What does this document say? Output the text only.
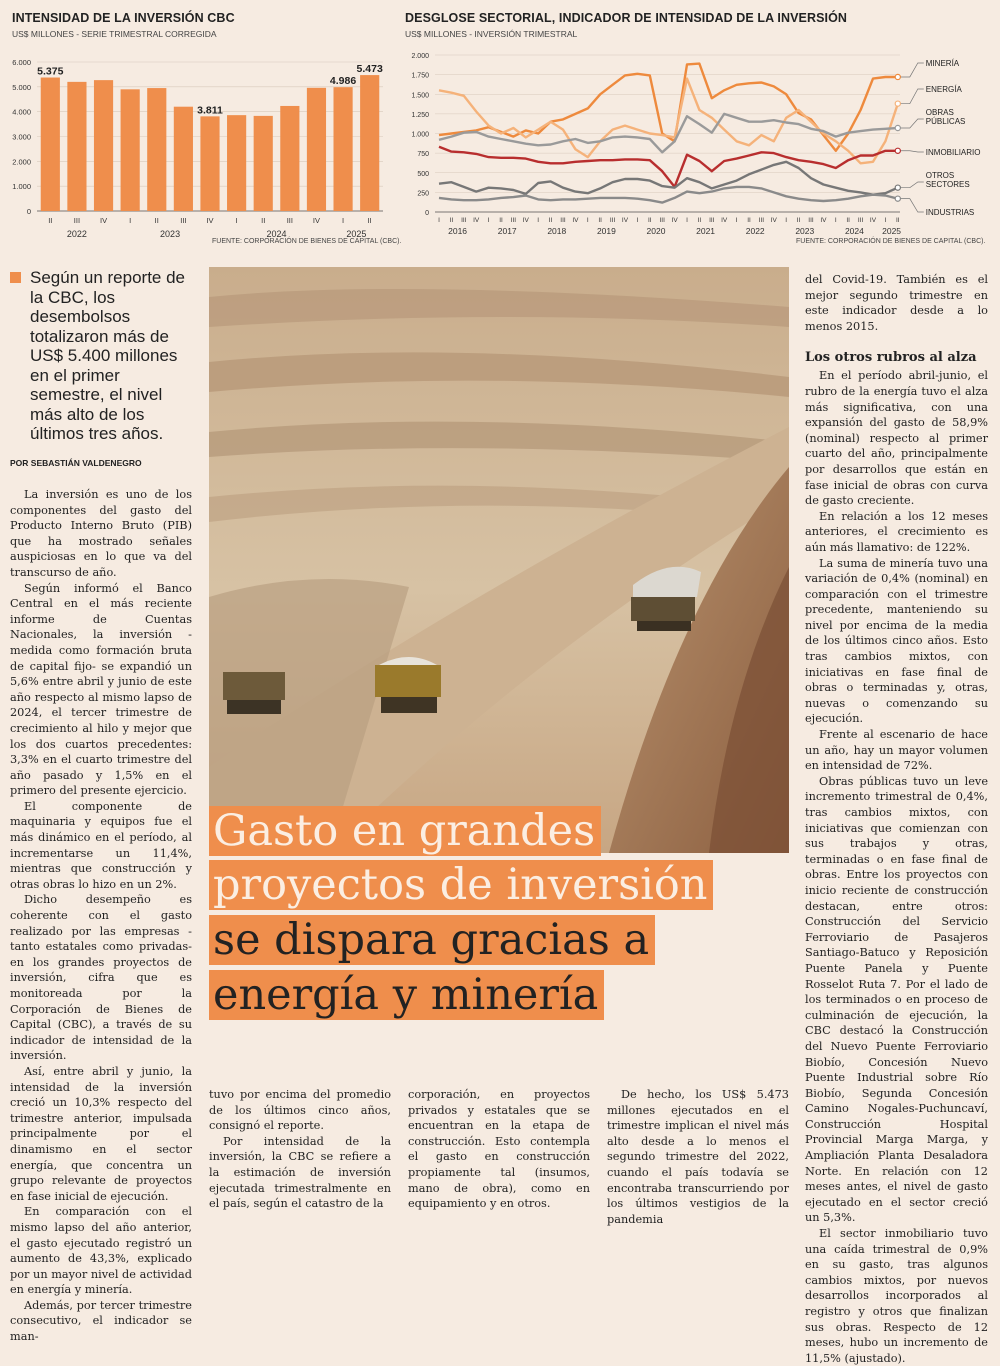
INTENSIDAD DE LA INVERSIÓN CBC
US$ MILLONES - SERIE TRIMESTRAL CORREGIDA
0
1.000
2.000
3.000
4.000
5.000
6.000
II
5.375
III	IV	I	II	III	IV
3.811
I	II	III	IV	I
4.986
II
5.473
2022	2023	2024	2025
FUENTE: CORPORACIÓN DE BIENES DE CAPITAL (CBC).
DESGLOSE SECTORIAL, INDICADOR DE INTENSIDAD DE LA INVERSIÓN
US$ MILLONES - INVERSIÓN TRIMESTRAL
0
250
500
750
1.000
1.250
1.500
1.750
2.000
I II III IV I II III IV I II III IV I II III IV I II III IV I II III IV I II III IV I II III IV I II III IV I II
2016	2017	2018	2019	2020	2021	2022	2023	2024 2025
MINERÍA
ENERGÍA
OBRAS
PÚBLICAS
INMOBILIARIO
OTROS
SECTORES
INDUSTRIAS
FUENTE: CORPORACIÓN DE BIENES DE CAPITAL (CBC).
Según un reporte de la CBC, los desembolsos totalizaron más de US$ 5.400 millones en el primer semestre, el nivel más alto de los últimos tres años.
POR SEBASTIÁN VALDENEGRO
Gasto en grandes
proyectos de inversión
se dispara gracias a
energía y minería

La inversión es uno de los componentes del gasto del Producto Interno Bruto (PIB) que ha mostrado señales auspiciosas en lo que va del transcurso de año.

Según informó el Banco Central en el más reciente informe de Cuentas Nacionales, la inversión -medida como formación bruta de capital fijo- se expandió un 5,6% entre abril y junio de este año respecto al mismo lapso de 2024, el tercer trimestre de crecimiento al hilo y mejor que los dos cuartos precedentes: 3,3% en el cuarto trimestre del año pasado y 1,5% en el primero del presente ejercicio.

El componente de maquinaria y equipos fue el más dinámico en el período, al incrementarse un 11,4%, mientras que construcción y otras obras lo hizo en un 2%.

Dicho desempeño es coherente con el gasto realizado por las empresas -tanto estatales como privadas- en los grandes proyectos de inversión, cifra que es monitoreada por la Corporación de Bienes de Capital (CBC), a través de su indicador de intensidad de la inversión.

Así, entre abril y junio, la intensidad de la inversión creció un 10,3% respecto del trimestre anterior, impulsada principalmente por el dinamismo en el sector energía, que concentra un grupo relevante de proyectos en fase inicial de ejecución.

En comparación con el mismo lapso del año anterior, el gasto ejecutado registró un aumento de 43,3%, explicado por un mayor nivel de actividad en energía y minería.

Además, por tercer trimestre consecutivo, el indicador se man-

tuvo por encima del promedio de los últimos cinco años, consignó el reporte.

Por intensidad de la inversión, la CBC se refiere a la estimación de inversión ejecutada trimestralmente en el país, según el catastro de la

corporación, en proyectos privados y estatales que se encuentran en la etapa de construcción. Esto contempla el gasto en construcción propiamente tal (insumos, mano de obra), como en equipamiento y en otros.

De hecho, los US$ 5.473 millones ejecutados en el trimestre implican el nivel más alto desde a lo menos el segundo trimestre del 2022, cuando el país todavía se encontraba transcurriendo por los últimos vestigios de la pandemia

del Covid-19. También es el mejor segundo trimestre en este indicador desde a lo menos 2015.

Los otros rubros al alza

En el período abril-junio, el rubro de la energía tuvo el alza más significativa, con una expansión del gasto de 58,9% (nominal) respecto al primer cuarto del año, principalmente por desarrollos que están en fase inicial de obras con curva de gasto creciente.

En relación a los 12 meses anteriores, el crecimiento es aún más llamativo: de 122%.

La suma de minería tuvo una variación de 0,4% (nominal) en comparación con el trimestre precedente, manteniendo su nivel por encima de la media de los últimos cinco años. Esto tras cambios mixtos, con iniciativas en fase final de obras o terminadas y, otras, nuevas o comenzando su ejecución.

Frente al escenario de hace un año, hay un mayor volumen en intensidad de 72%.

Obras públicas tuvo un leve incremento trimestral de 0,4%, tras cambios mixtos, con iniciativas que comienzan con sus trabajos y otras, terminadas o en fase final de obras. Entre los proyectos con inicio reciente de construcción destacan, entre otros: Construcción del Servicio Ferroviario de Pasajeros Santiago-Batuco y Reposición Puente Panela y Puente Rosselot Ruta 7. Por el lado de los terminados o en proceso de culminación de ejecución, la CBC destacó la Construcción del Nuevo Puente Ferroviario Biobío, Concesión Nuevo Puente Industrial sobre Río Biobío, Segunda Concesión Camino Nogales-Puchuncaví, Construcción Hospital Provincial Marga Marga, y Ampliación Planta Desaladora Norte. En relación con 12 meses antes, el nivel de gasto ejecutado en el sector creció un 5,3%.

El sector inmobiliario tuvo una caída trimestral de 0,9% en su gasto, tras algunos cambios mixtos, por nuevos desarrollos incorporados al registro y otros que finalizan sus obras. Respecto de 12 meses, hubo un incremento de 11,5% (ajustado).
